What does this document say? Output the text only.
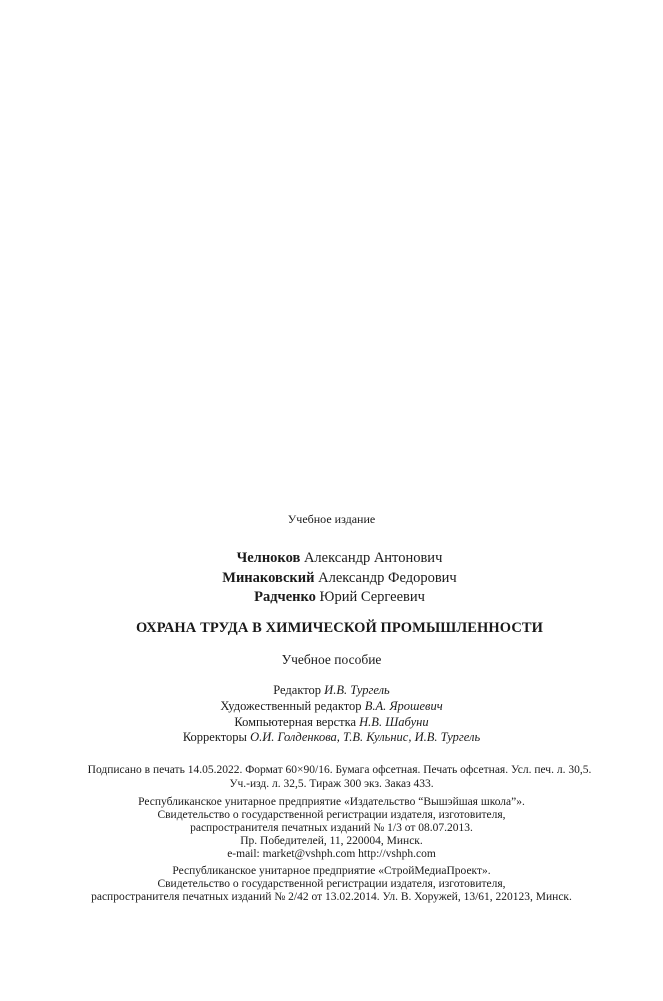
Учебное издание
Челноков Александр Антонович
Минаковский Александр Федорович
Радченко Юрий Сергеевич
ОХРАНА ТРУДА В ХИМИЧЕСКОЙ ПРОМЫШЛЕННОСТИ
Учебное пособие
Редактор И.В. Тургель
Художественный редактор В.А. Ярошевич
Компьютерная верстка Н.В. Шабуни
Корректоры О.И. Голденкова, Т.В. Кульнис, И.В. Тургель
Подписано в печать 14.05.2022. Формат 60×90/16. Бумага офсетная. Печать офсетная. Усл. печ. л. 30,5.
Уч.-изд. л. 32,5. Тираж 300 экз. Заказ 433.
Республиканское унитарное предприятие «Издательство “Вышэйшая школа”».
Свидетельство о государственной регистрации издателя, изготовителя,
распространителя печатных изданий № 1/3 от 08.07.2013.
Пр. Победителей, 11, 220004, Минск.
e-mail: market@vshph.com http://vshph.com
Республиканское унитарное предприятие «СтройМедиаПроект».
Свидетельство о государственной регистрации издателя, изготовителя,
распространителя печатных изданий № 2/42 от 13.02.2014. Ул. В. Хоружей, 13/61, 220123, Минск.
